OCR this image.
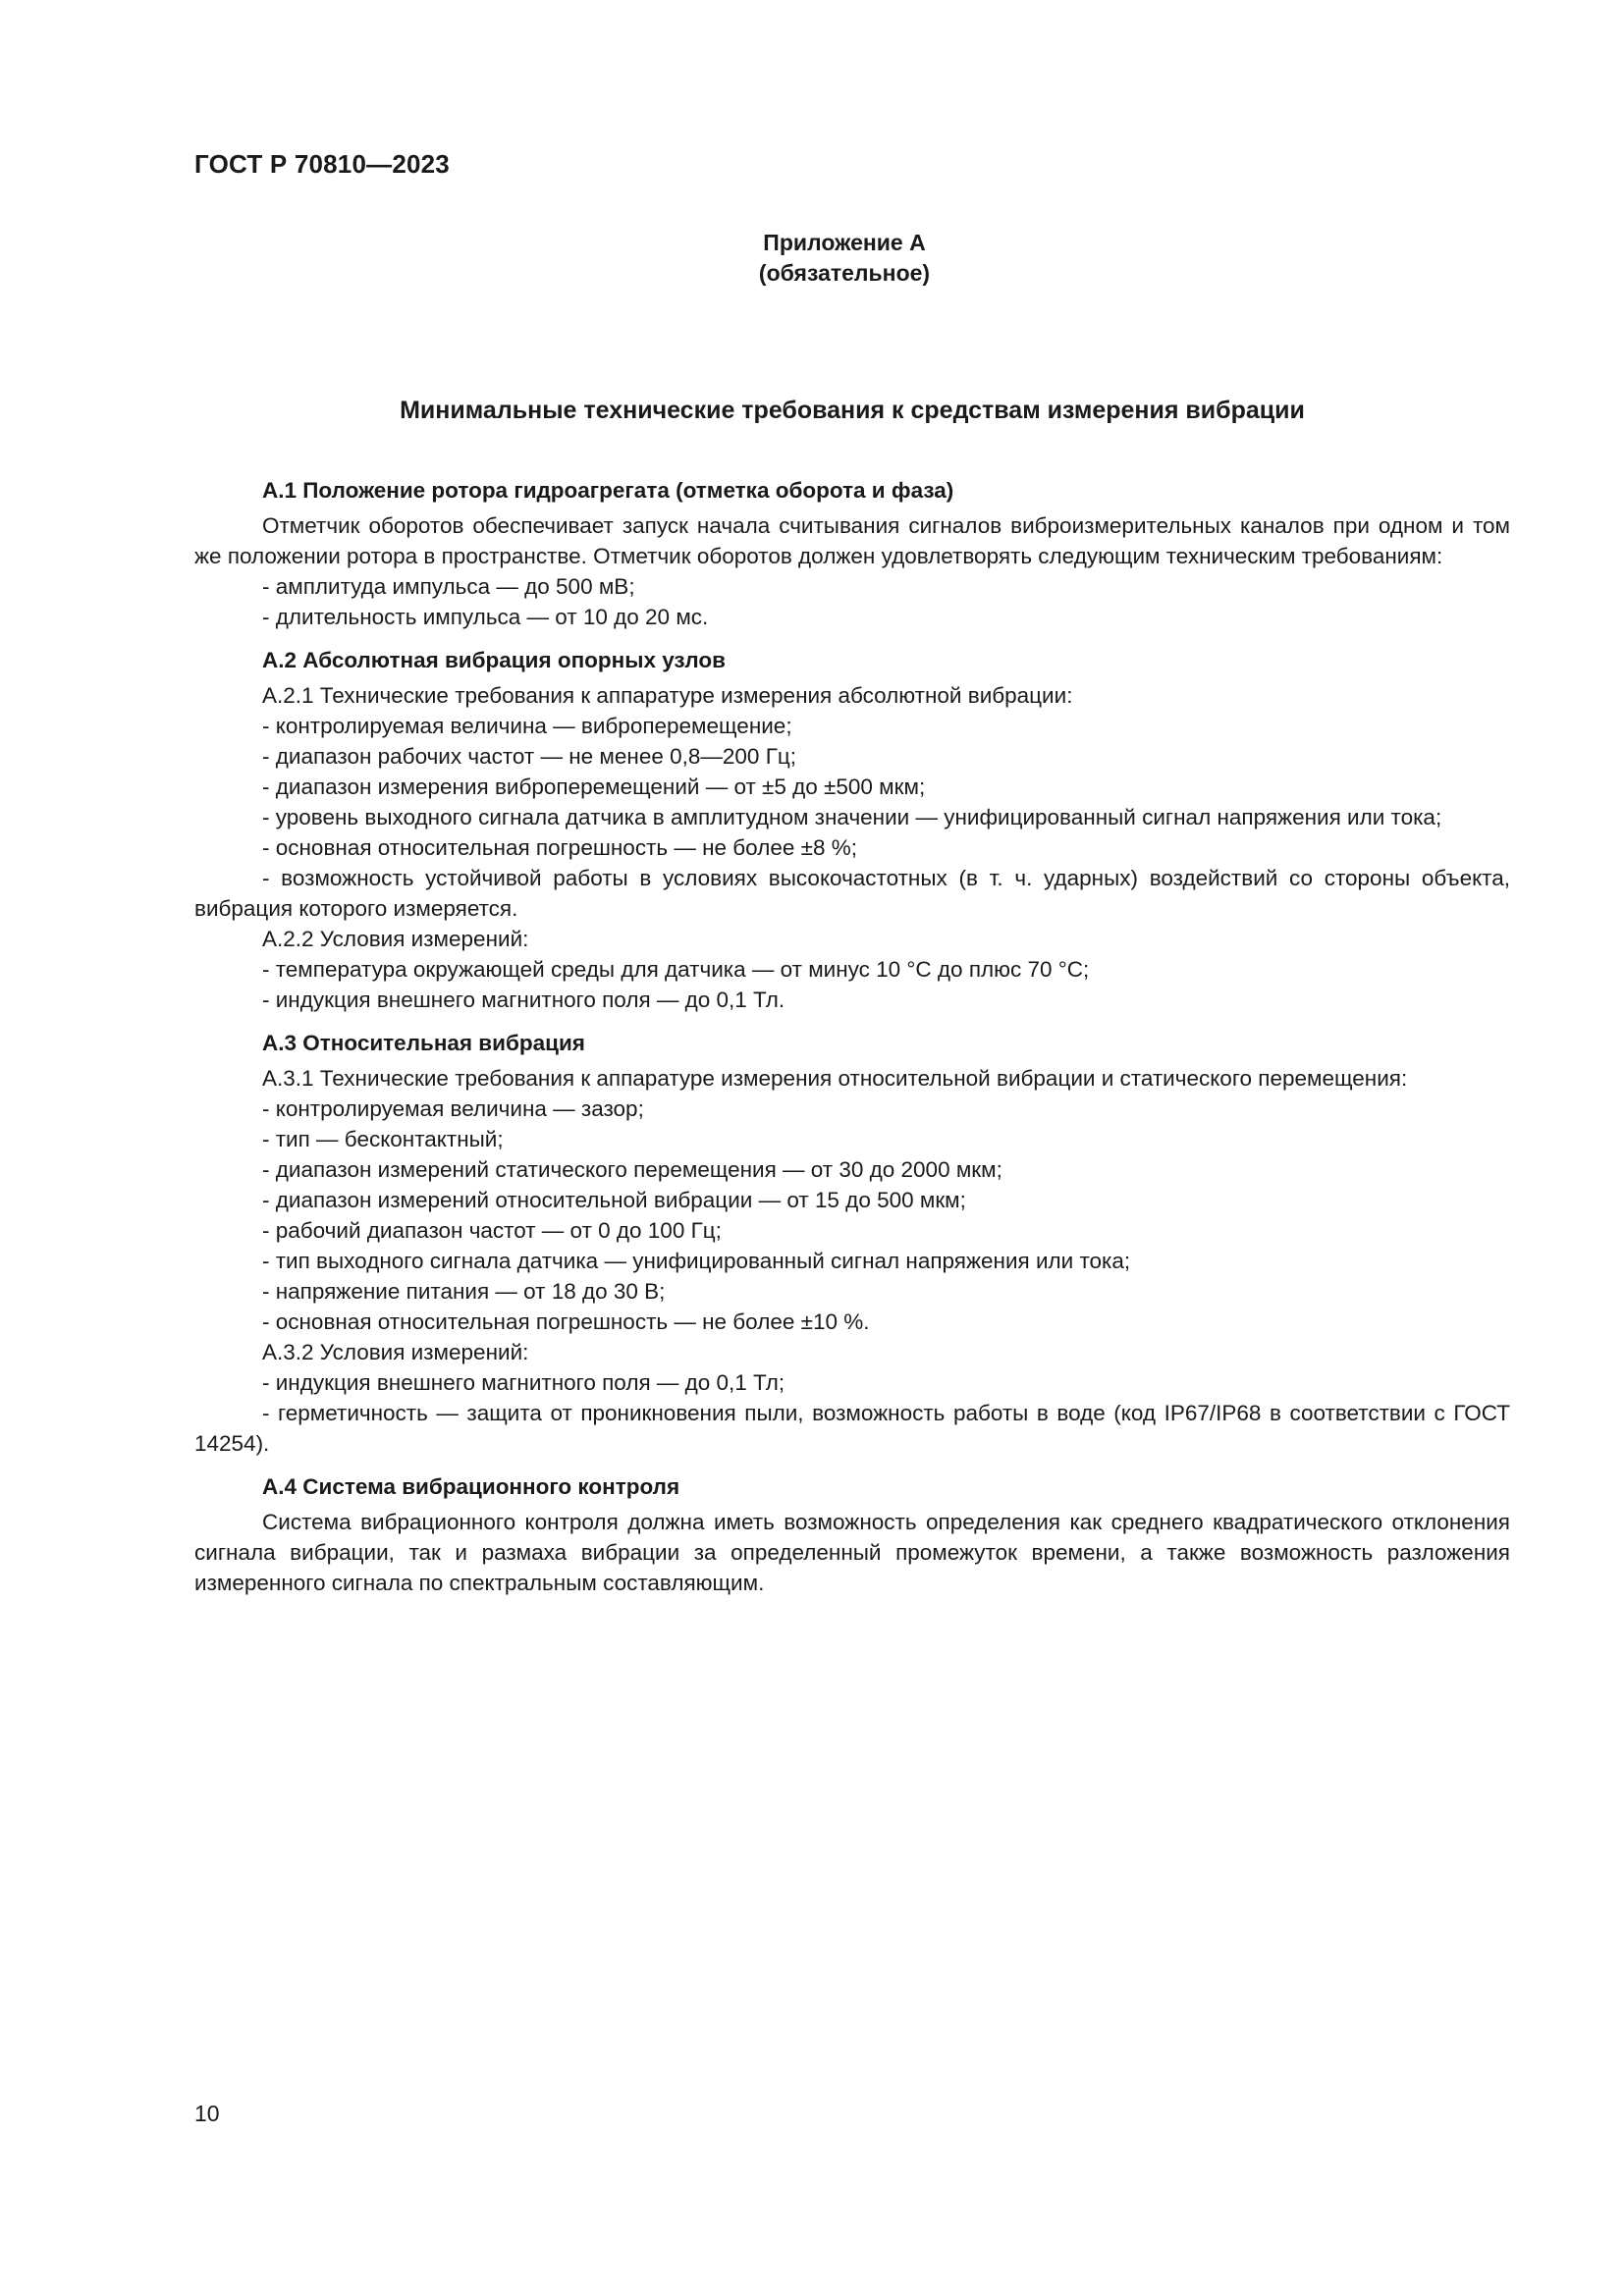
ГОСТ Р 70810—2023
Приложение А
(обязательное)
Минимальные технические требования к средствам измерения вибрации
А.1 Положение ротора гидроагрегата (отметка оборота и фаза)
Отметчик оборотов обеспечивает запуск начала считывания сигналов виброизмерительных каналов при одном и том же положении ротора в пространстве. Отметчик оборотов должен удовлетворять следующим техническим требованиям:
- амплитуда импульса — до 500 мВ;
- длительность импульса — от 10 до 20 мс.
А.2 Абсолютная вибрация опорных узлов
А.2.1 Технические требования к аппаратуре измерения абсолютной вибрации:
- контролируемая величина — виброперемещение;
- диапазон рабочих частот — не менее 0,8—200 Гц;
- диапазон измерения виброперемещений — от ±5 до ±500 мкм;
- уровень выходного сигнала датчика в амплитудном значении — унифицированный сигнал напряжения или тока;
- основная относительная погрешность — не более ±8 %;
- возможность устойчивой работы в условиях высокочастотных (в т. ч. ударных) воздействий со стороны объекта, вибрация которого измеряется.
А.2.2 Условия измерений:
- температура окружающей среды для датчика — от минус 10 °С до плюс 70 °С;
- индукция внешнего магнитного поля — до 0,1 Тл.
А.3 Относительная вибрация
А.3.1 Технические требования к аппаратуре измерения относительной вибрации и статического перемещения:
- контролируемая величина — зазор;
- тип — бесконтактный;
- диапазон измерений статического перемещения — от 30 до 2000 мкм;
- диапазон измерений относительной вибрации — от 15 до 500 мкм;
- рабочий диапазон частот — от 0 до 100 Гц;
- тип выходного сигнала датчика — унифицированный сигнал напряжения или тока;
- напряжение питания — от 18 до 30 В;
- основная относительная погрешность — не более ±10 %.
А.3.2 Условия измерений:
- индукция внешнего магнитного поля — до 0,1 Тл;
- герметичность — защита от проникновения пыли, возможность работы в воде (код IP67/IP68 в соответствии с ГОСТ 14254).
А.4 Система вибрационного контроля
Система вибрационного контроля должна иметь возможность определения как среднего квадратического отклонения сигнала вибрации, так и размаха вибрации за определенный промежуток времени, а также возможность разложения измеренного сигнала по спектральным составляющим.
10
